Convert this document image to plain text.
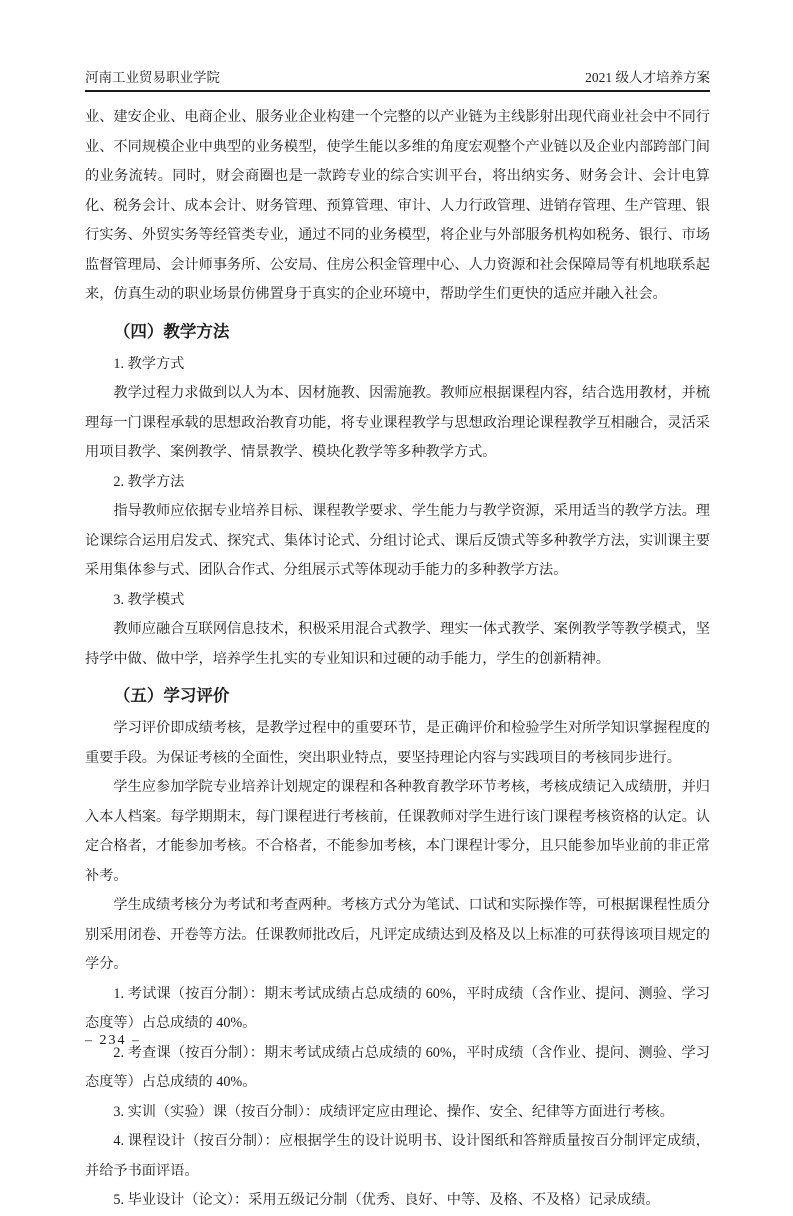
河南工业贸易职业学院	2021 级人才培养方案
业、建安企业、电商企业、服务业企业构建一个完整的以产业链为主线影射出现代商业社会中不同行业、不同规模企业中典型的业务模型，使学生能以多维的角度宏观整个产业链以及企业内部跨部门间的业务流转。同时，财会商圈也是一款跨专业的综合实训平台，将出纳实务、财务会计、会计电算化、税务会计、成本会计、财务管理、预算管理、审计、人力行政管理、进销存管理、生产管理、银行实务、外贸实务等经管类专业，通过不同的业务模型，将企业与外部服务机构如税务、银行、市场监督管理局、会计师事务所、公安局、住房公积金管理中心、人力资源和社会保障局等有机地联系起来，仿真生动的职业场景仿佛置身于真实的企业环境中，帮助学生们更快的适应并融入社会。
（四）教学方法
1. 教学方式
教学过程力求做到以人为本、因材施教、因需施教。教师应根据课程内容，结合选用教材，并梳理每一门课程承载的思想政治教育功能，将专业课程教学与思想政治理论课程教学互相融合，灵活采用项目教学、案例教学、情景教学、模块化教学等多种教学方式。
2. 教学方法
指导教师应依据专业培养目标、课程教学要求、学生能力与教学资源，采用适当的教学方法。理论课综合运用启发式、探究式、集体讨论式、分组讨论式、课后反馈式等多种教学方法，实训课主要采用集体参与式、团队合作式、分组展示式等体现动手能力的多种教学方法。
3. 教学模式
教师应融合互联网信息技术，积极采用混合式教学、理实一体式教学、案例教学等教学模式，坚持学中做、做中学，培养学生扎实的专业知识和过硬的动手能力，学生的创新精神。
（五）学习评价
学习评价即成绩考核，是教学过程中的重要环节，是正确评价和检验学生对所学知识掌握程度的重要手段。为保证考核的全面性，突出职业特点，要坚持理论内容与实践项目的考核同步进行。
学生应参加学院专业培养计划规定的课程和各种教育教学环节考核，考核成绩记入成绩册，并归入本人档案。每学期期末，每门课程进行考核前，任课教师对学生进行该门课程考核资格的认定。认定合格者，才能参加考核。不合格者，不能参加考核，本门课程计零分，且只能参加毕业前的非正常补考。
学生成绩考核分为考试和考查两种。考核方式分为笔试、口试和实际操作等，可根据课程性质分别采用闭卷、开卷等方法。任课教师批改后，凡评定成绩达到及格及以上标准的可获得该项目规定的学分。
1. 考试课（按百分制）：期末考试成绩占总成绩的 60%，平时成绩（含作业、提问、测验、学习态度等）占总成绩的 40%。
2. 考查课（按百分制）：期末考试成绩占总成绩的 60%，平时成绩（含作业、提问、测验、学习态度等）占总成绩的 40%。
3. 实训（实验）课（按百分制）：成绩评定应由理论、操作、安全、纪律等方面进行考核。
4. 课程设计（按百分制）：应根据学生的设计说明书、设计图纸和答辩质量按百分制评定成绩，并给予书面评语。
5. 毕业设计（论文）：采用五级记分制（优秀、良好、中等、及格、不及格）记录成绩。
– 234 –
